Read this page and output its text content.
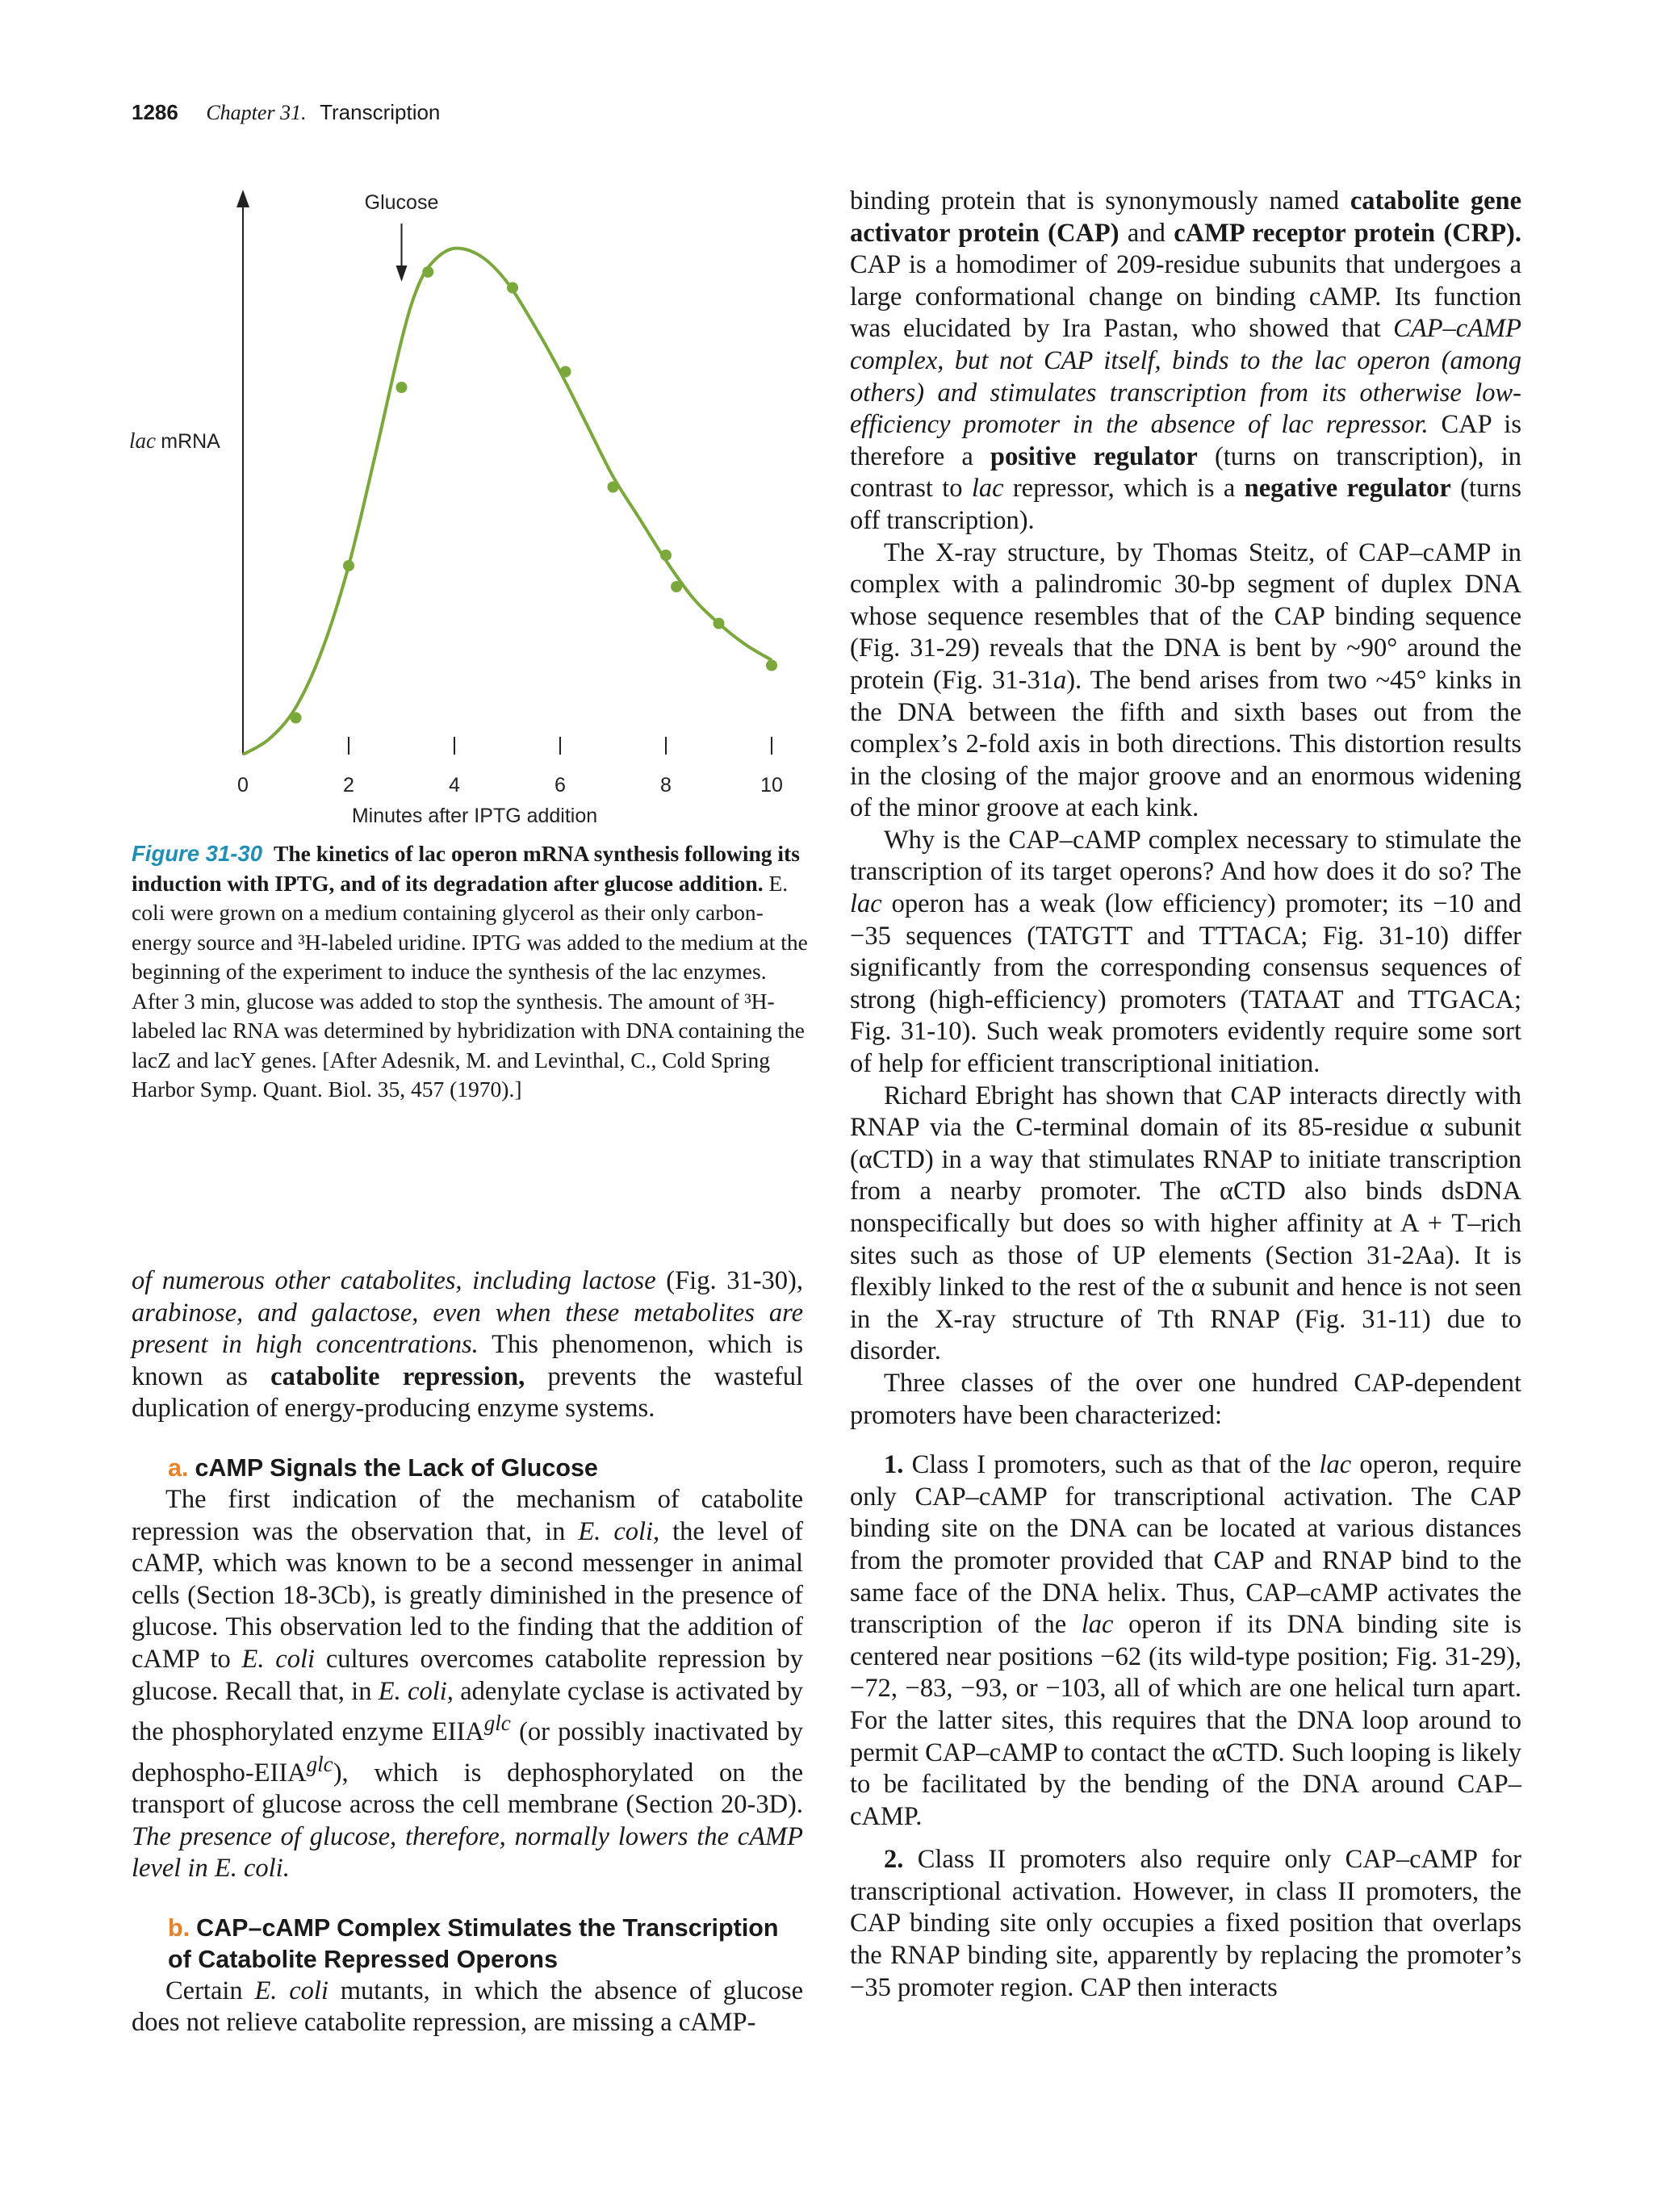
1286 Chapter 31. Transcription
0	2	4	6	8	10
Minutes after IPTG addition
lac mRNA
Glucose
Figure 31-30 The kinetics of lac operon mRNA synthesis following its induction with IPTG, and of its degradation after glucose addition. E. coli were grown on a medium containing glycerol as their only carbon-energy source and ³H-labeled uridine. IPTG was added to the medium at the beginning of the experiment to induce the synthesis of the lac enzymes. After 3 min, glucose was added to stop the synthesis. The amount of ³H-labeled lac RNA was determined by hybridization with DNA containing the lacZ and lacY genes. [After Adesnik, M. and Levinthal, C., Cold Spring Harbor Symp. Quant. Biol. 35, 457 (1970).]

of numerous other catabolites, including lactose (Fig. 31-30), arabinose, and galactose, even when these metabolites are present in high concentrations. This phenomenon, which is known as catabolite repression, prevents the wasteful duplication of energy-producing enzyme systems.

a. cAMP Signals the Lack of Glucose

The first indication of the mechanism of catabolite repression was the observation that, in E. coli, the level of cAMP, which was known to be a second messenger in animal cells (Section 18-3Cb), is greatly diminished in the presence of glucose. This observation led to the finding that the addition of cAMP to E. coli cultures overcomes catabolite repression by glucose. Recall that, in E. coli, adenylate cyclase is activated by the phosphorylated enzyme $EIIA^{glc}$ (or possibly inactivated by dephospho-$EIIA^{glc}$), which is dephosphorylated on the transport of glucose across the cell membrane (Section 20-3D). The presence of glucose, therefore, normally lowers the cAMP level in E. coli.

b. CAP–cAMP Complex Stimulates the Transcription
of Catabolite Repressed Operons

Certain E. coli mutants, in which the absence of glucose does not relieve catabolite repression, are missing a cAMP-

binding protein that is synonymously named catabolite gene activator protein (CAP) and cAMP receptor protein (CRP). CAP is a homodimer of 209-residue subunits that undergoes a large conformational change on binding cAMP. Its function was elucidated by Ira Pastan, who showed that CAP–cAMP complex, but not CAP itself, binds to the lac operon (among others) and stimulates transcription from its otherwise low-efficiency promoter in the absence of lac repressor. CAP is therefore a positive regulator (turns on transcription), in contrast to lac repressor, which is a negative regulator (turns off transcription).

The X-ray structure, by Thomas Steitz, of CAP–cAMP in complex with a palindromic 30-bp segment of duplex DNA whose sequence resembles that of the CAP binding sequence (Fig. 31-29) reveals that the DNA is bent by ~90° around the protein (Fig. 31-31a). The bend arises from two ~45° kinks in the DNA between the fifth and sixth bases out from the complex’s 2-fold axis in both directions. This distortion results in the closing of the major groove and an enormous widening of the minor groove at each kink.

Why is the CAP–cAMP complex necessary to stimulate the transcription of its target operons? And how does it do so? The lac operon has a weak (low efficiency) promoter; its −10 and −35 sequences (TATGTT and TTTACA; Fig. 31-10) differ significantly from the corresponding consensus sequences of strong (high-efficiency) promoters (TATAAT and TTGACA; Fig. 31-10). Such weak promoters evidently require some sort of help for efficient transcriptional initiation.

Richard Ebright has shown that CAP interacts directly with RNAP via the C-terminal domain of its 85-residue α subunit (αCTD) in a way that stimulates RNAP to initiate transcription from a nearby promoter. The αCTD also binds dsDNA nonspecifically but does so with higher affinity at A + T–rich sites such as those of UP elements (Section 31-2Aa). It is flexibly linked to the rest of the α subunit and hence is not seen in the X-ray structure of Tth RNAP (Fig. 31-11) due to disorder.

Three classes of the over one hundred CAP-dependent promoters have been characterized:

1. Class I promoters, such as that of the lac operon, require only CAP–cAMP for transcriptional activation. The CAP binding site on the DNA can be located at various distances from the promoter provided that CAP and RNAP bind to the same face of the DNA helix. Thus, CAP–cAMP activates the transcription of the lac operon if its DNA binding site is centered near positions −62 (its wild-type position; Fig. 31-29), −72, −83, −93, or −103, all of which are one helical turn apart. For the latter sites, this requires that the DNA loop around to permit CAP–cAMP to contact the αCTD. Such looping is likely to be facilitated by the bending of the DNA around CAP–cAMP.

2. Class II promoters also require only CAP–cAMP for transcriptional activation. However, in class II promoters, the CAP binding site only occupies a fixed position that overlaps the RNAP binding site, apparently by replacing the promoter’s −35 promoter region. CAP then interacts
